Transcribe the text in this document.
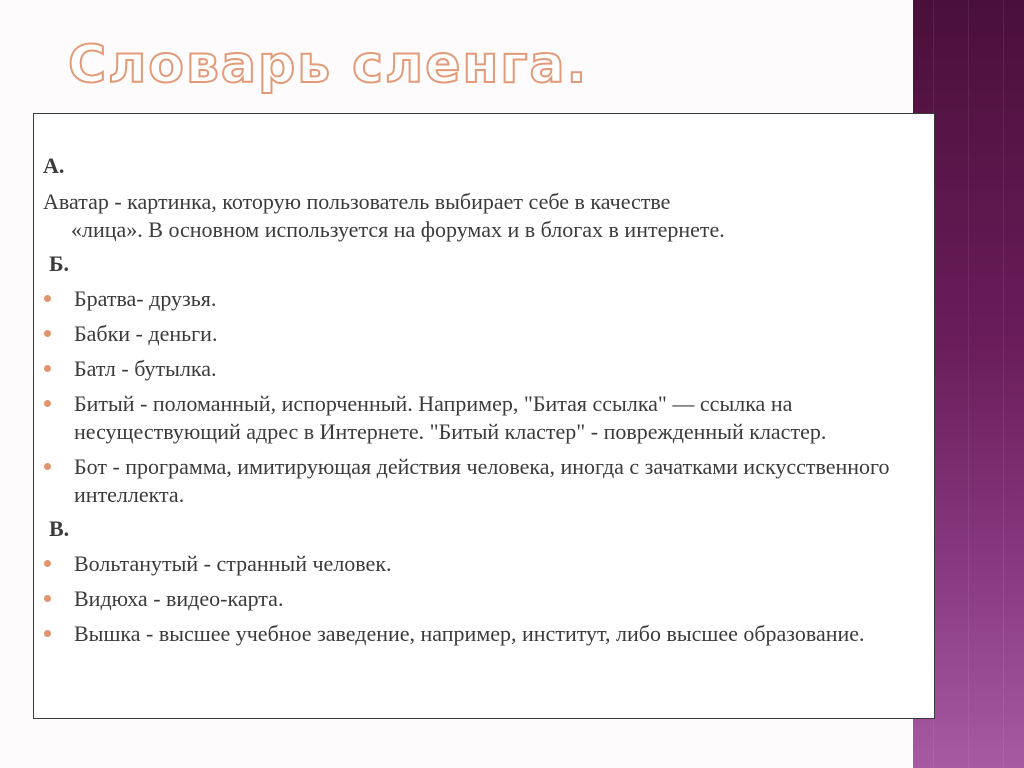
Словарь сленга.

А.

Аватар - картинка, которую пользователь выбирает себе в качестве
«лица». В основном используется на форумах и в блогах в интернете.

Б.

Братва- друзья.
Бабки - деньги.
Батл - бутылка.
Битый - поломанный, испорченный. Например, "Битая ссылка" — ссылка на несуществующий адрес в Интернете. "Битый кластер" - поврежденный кластер.
Бот - программа, имитирующая действия человека, иногда с зачатками искусственного интеллекта.

В.

Вольтанутый - странный человек.
Видюха - видео-карта.
Вышка - высшее учебное заведение, например, институт, либо высшее образование.
